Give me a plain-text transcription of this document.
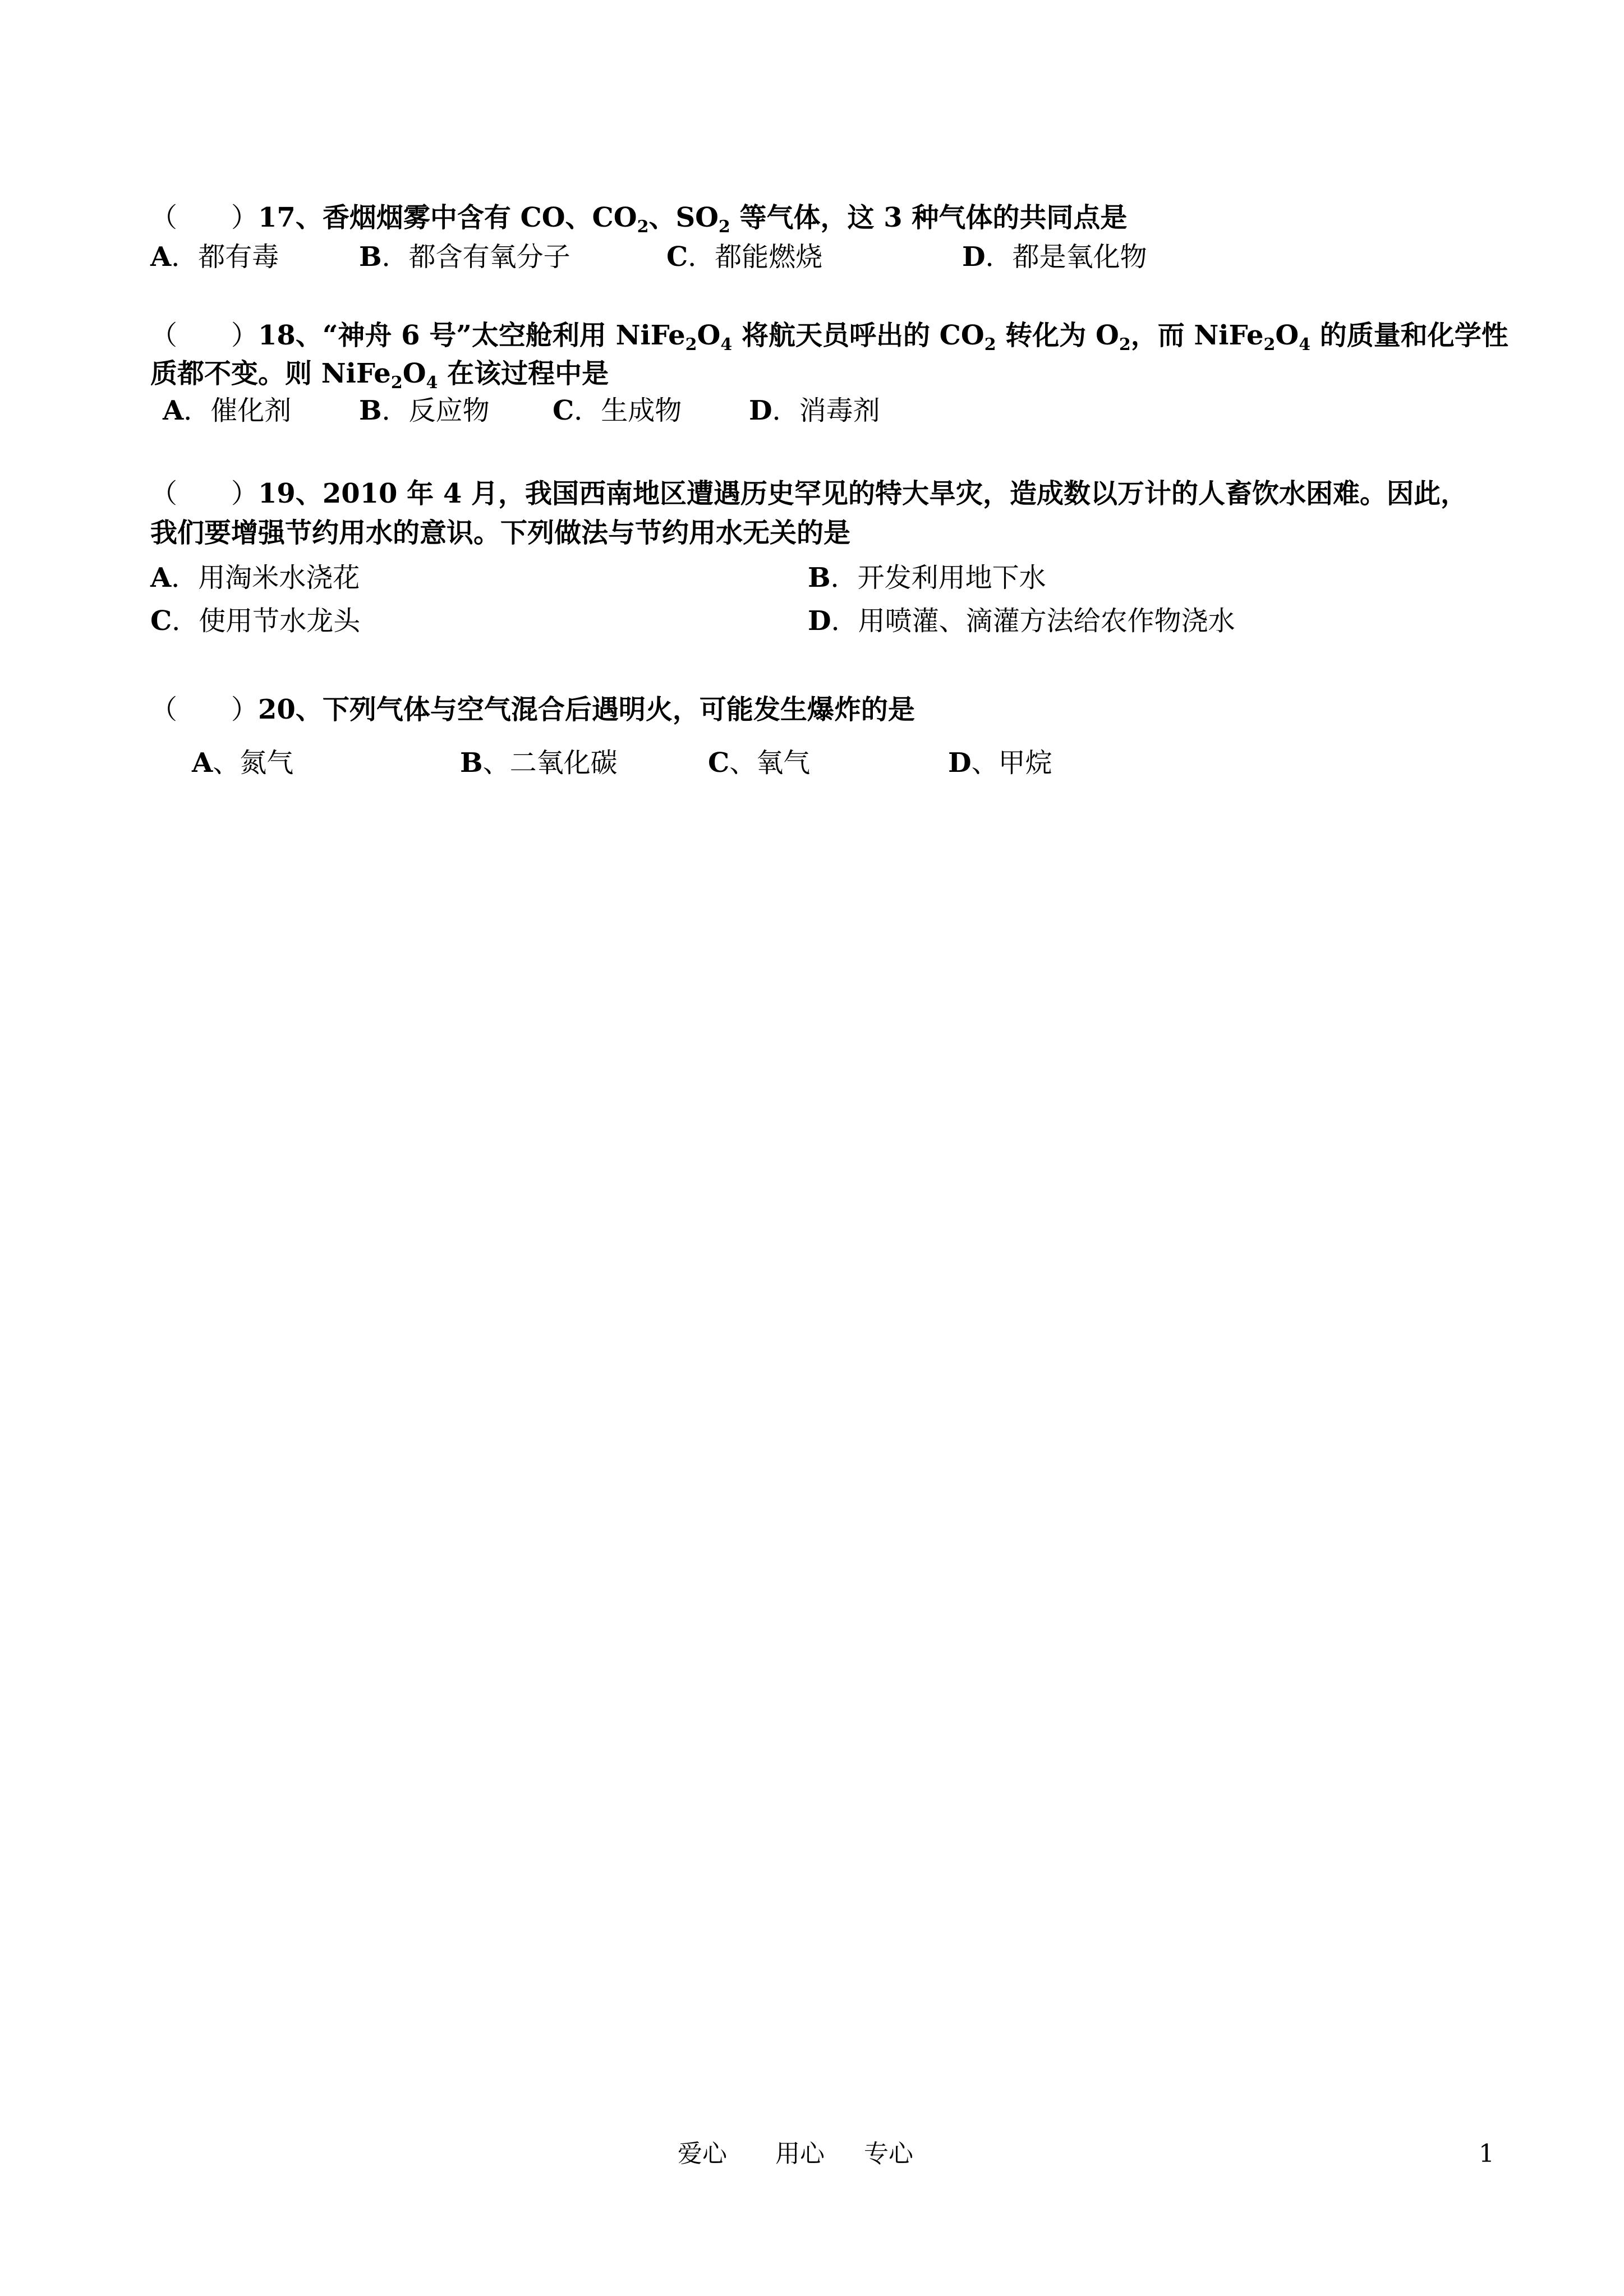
（　　）17、香烟烟雾中含有 CO、$CO_2$、$SO_2$ 等气体，这 3 种气体的共同点是
A．都有毒	B．都含有氧分子	C．都能燃烧	D．都是氧化物
（　　）18、“神舟 6 号”太空舱利用 $NiFe_2O_4$ 将航天员呼出的 $CO_2$ 转化为 $O_2$，而 $NiFe_2O_4$ 的质量和化学性
质都不变。则 $NiFe_2O_4$ 在该过程中是
A．催化剂	B．反应物 C．生成物 D．消毒剂
（　　）19、2010 年 4 月，我国西南地区遭遇历史罕见的特大旱灾，造成数以万计的人畜饮水困难。因此，
我们要增强节约用水的意识。下列做法与节约用水无关的是
A．用淘米水浇花	B．开发利用地下水
C．使用节水龙头	D．用喷灌、滴灌方法给农作物浇水
（　　）20、下列气体与空气混合后遇明火，可能发生爆炸的是
A、氮气	B、二氧化碳	C、氧气	D、甲烷
爱心 用心 专心	1
